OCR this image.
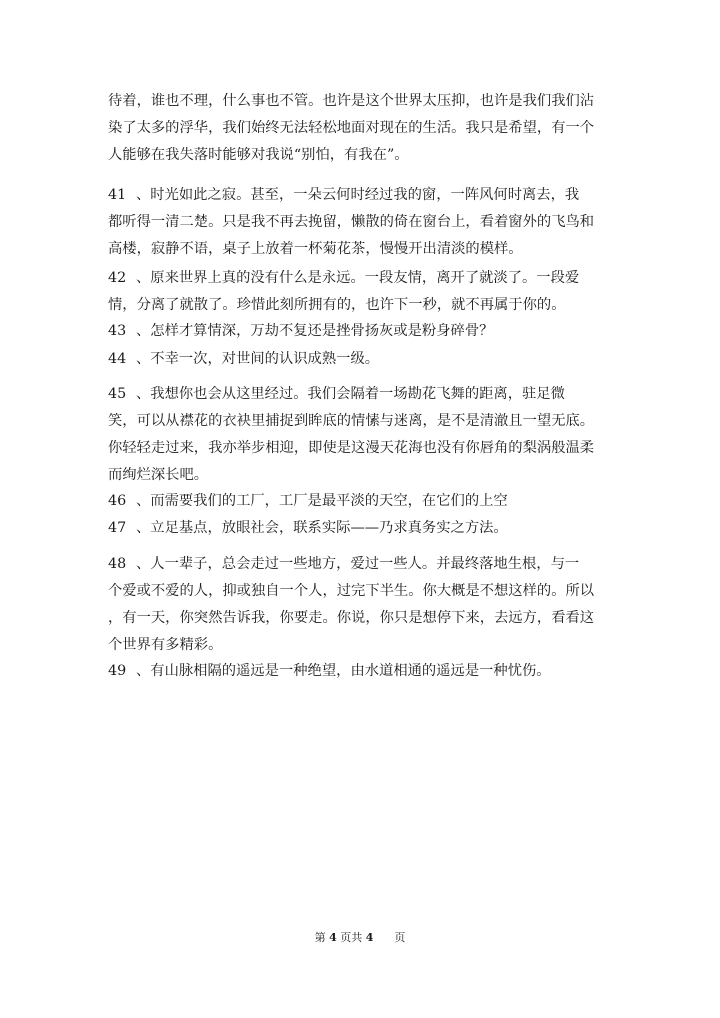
待着，谁也不理，什么事也不管。也许是这个世界太压抑，也许是我们我们沾
染了太多的浮华，我们始终无法轻松地面对现在的生活。我只是希望，有一个
人能够在我失落时能够对我说“别怕，有我在”。
41 、时光如此之寂。甚至，一朵云何时经过我的窗，一阵风何时离去，我
都听得一清二楚。只是我不再去挽留，懒散的倚在窗台上，看着窗外的飞鸟和
高楼，寂静不语，桌子上放着一杯菊花茶，慢慢开出清淡的模样。
42 、原来世界上真的没有什么是永远。一段友情，离开了就淡了。一段爱
情，分离了就散了。珍惜此刻所拥有的，也许下一秒，就不再属于你的。
43 、怎样才算情深，万劫不复还是挫骨扬灰或是粉身碎骨？
44 、不幸一次，对世间的认识成熟一级。
45 、我想你也会从这里经过。我们会隔着一场勘花飞舞的距离，驻足微
笑，可以从襟花的衣袂里捕捉到眸底的情愫与迷离，是不是清澈且一望无底。
你轻轻走过来，我亦举步相迎，即使是这漫天花海也没有你唇角的梨涡般温柔
而绚烂深长吧。
46 、而需要我们的工厂，工厂是最平淡的天空，在它们的上空
47 、立足基点，放眼社会，联系实际——乃求真务实之方法。
48 、人一辈子，总会走过一些地方，爱过一些人。并最终落地生根，与一
个爱或不爱的人，抑或独自一个人，过完下半生。你大概是不想这样的。所以
，有一天，你突然告诉我，你要走。你说，你只是想停下来，去远方，看看这
个世界有多精彩。
49 、有山脉相隔的遥远是一种绝望，由水道相通的遥远是一种忧伤。
第 4 页共 4 页
